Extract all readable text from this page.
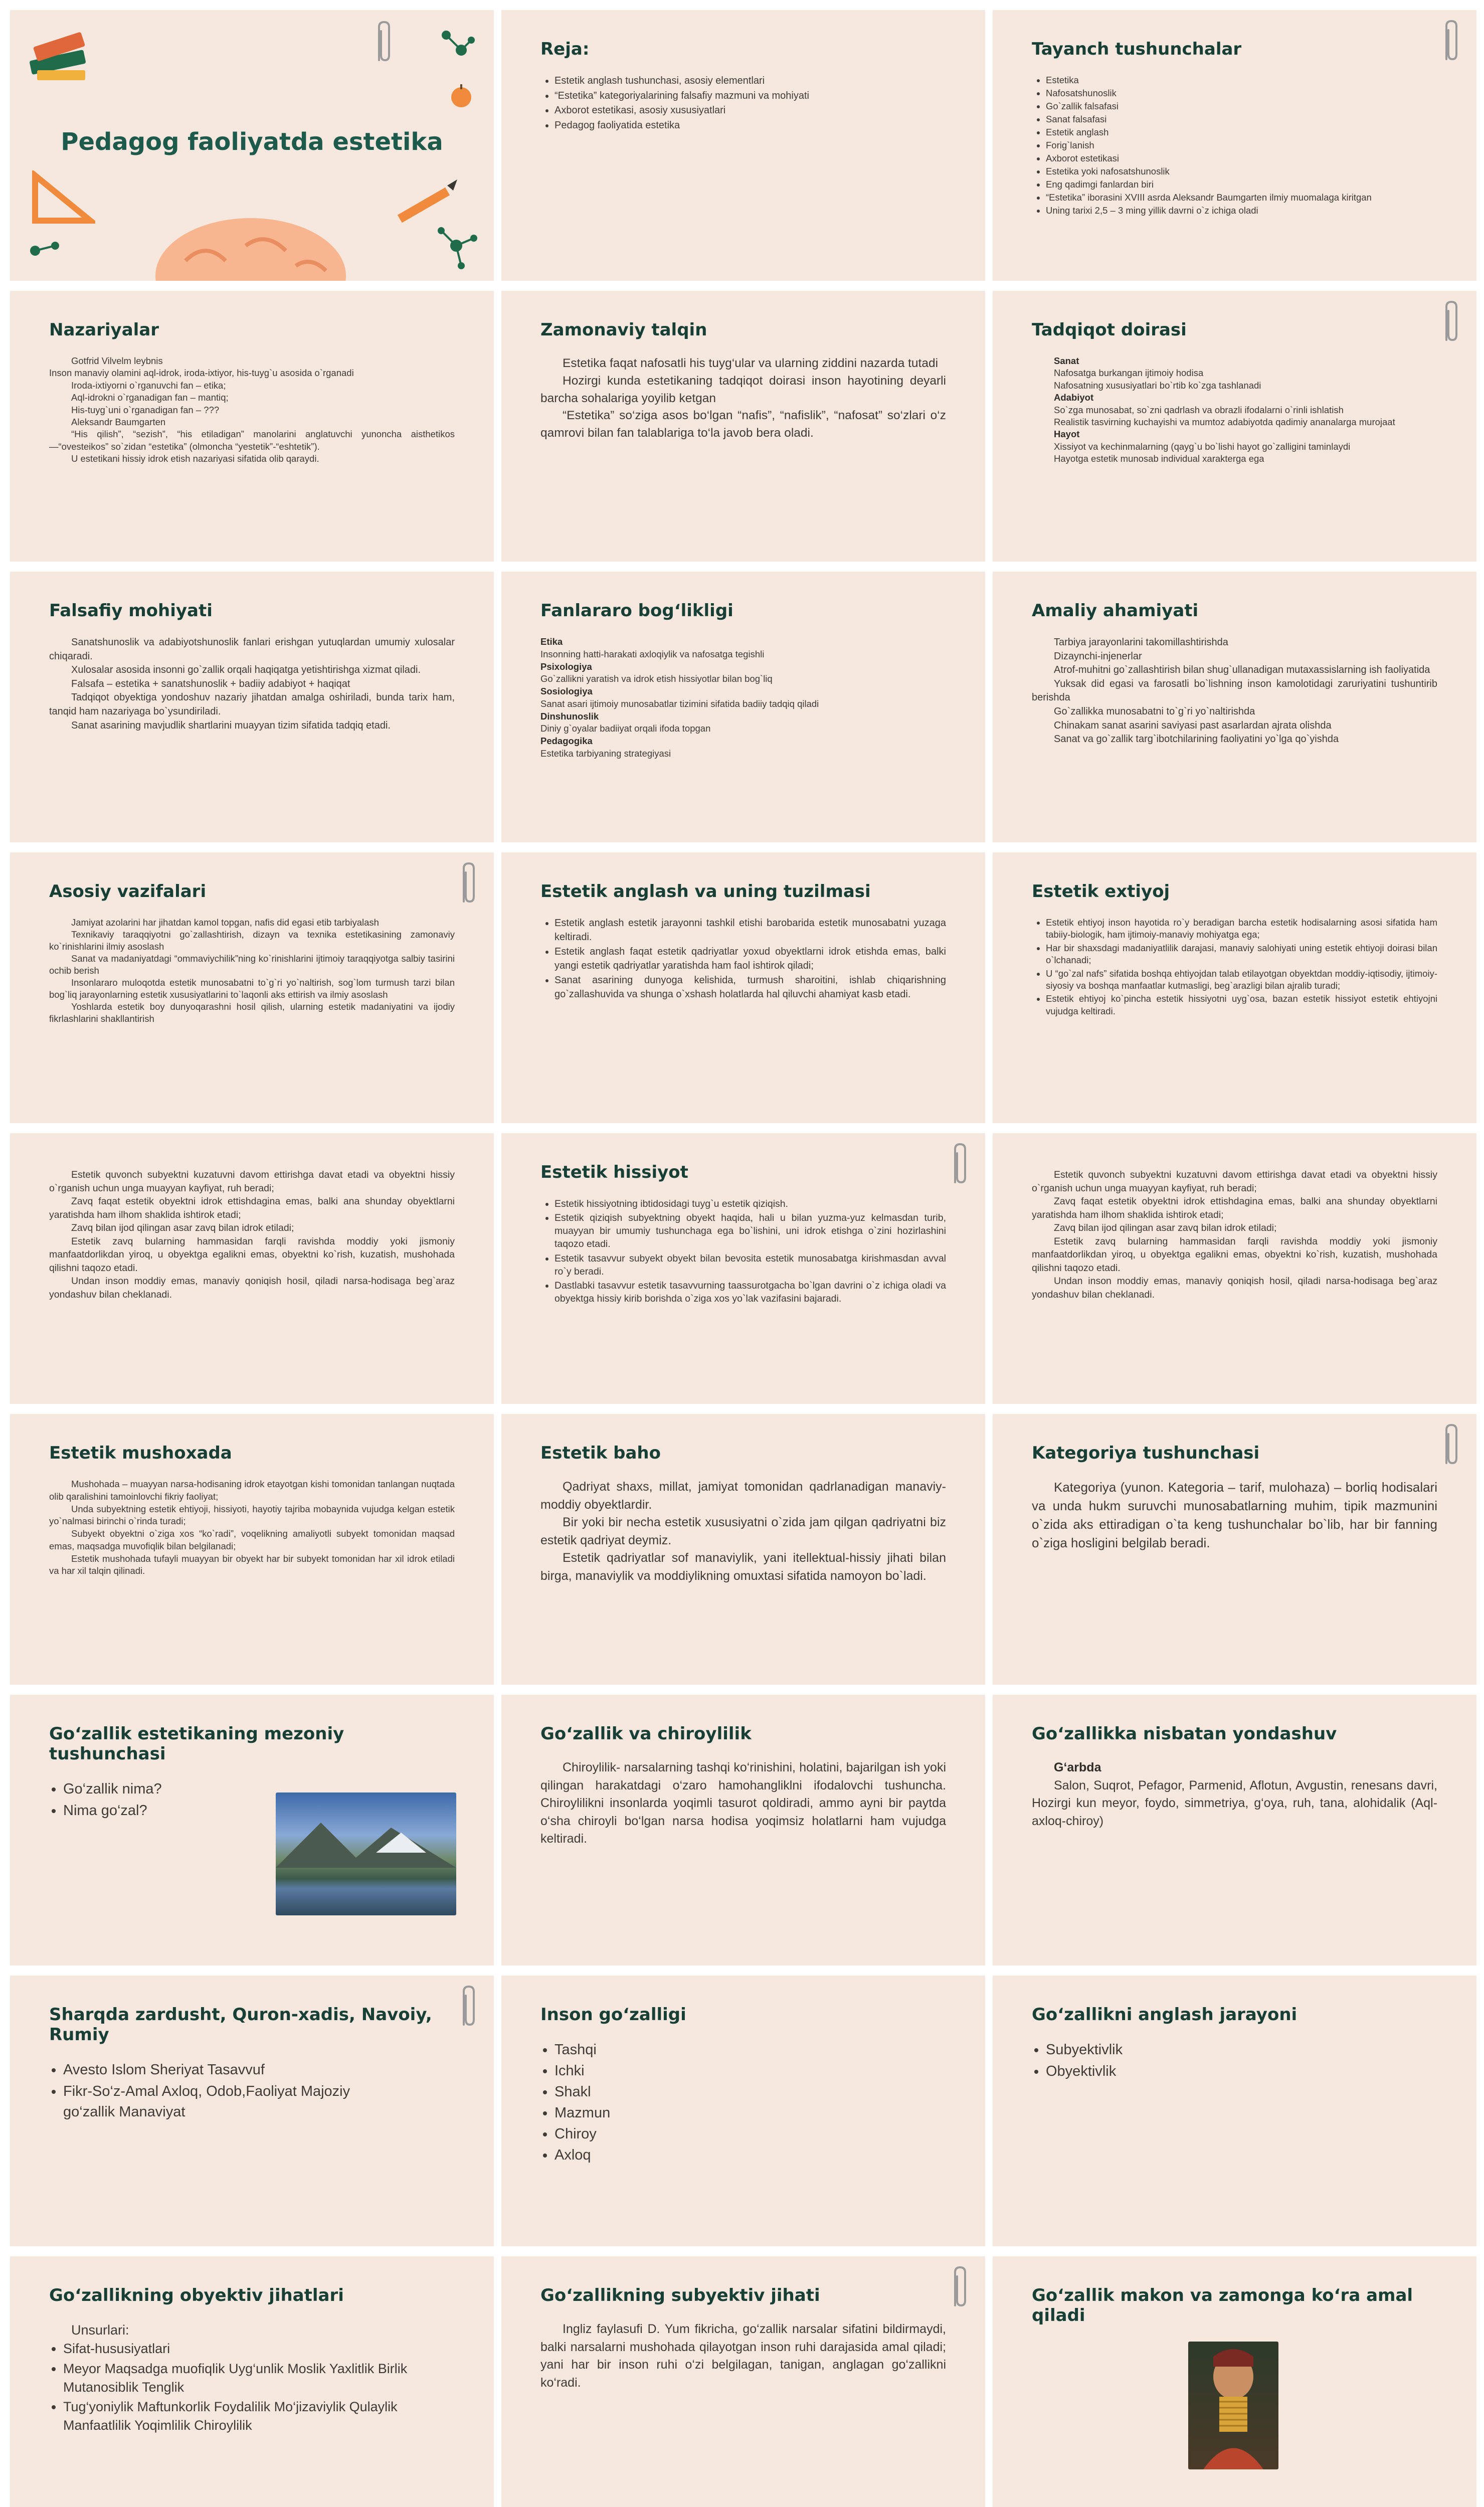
Pedagog faoliyatda estetika
Reja:
• Estetik anglash tushunchasi, asosiy elementlari
• “Estetika” kategoriyalarining falsafiy mazmuni va mohiyati
• Axborot estetikasi, asosiy xususiyatlari
• Pedagog faoliyatida estetika
Tayanch tushunchalar
• Estetika
• Nafosatshunoslik
• Go`zallik falsafasi
• Sanat falsafasi
• Estetik anglash
• Forig`lanish
• Axborot estetikasi
• Estetika yoki nafosatshunoslik
• Eng qadimgi fanlardan biri
• “Estetika” iborasini XVIII asrda Aleksandr Baumgarten ilmiy muomalaga kiritgan
• Uning tarixi 2,5 – 3 ming yillik davrni o`z ichiga oladi
Nazariyalar

Gotfrid Vilvelm leybnis

Inson manaviy olamini aql-idrok, iroda-ixtiyor, his-tuyg`u asosida o`rganadi

Iroda-ixtiyorni o`rganuvchi fan – etika;

Aql-idrokni o`rganadigan fan – mantiq;

His-tuyg`uni o`rganadigan fan – ???

Aleksandr Baumgarten

“His qilish”, “sezish”, “his etiladigan” manolarini anglatuvchi yunoncha aisthetikos—“ovesteikos” so`zidan “estetika” (olmoncha “yestetik”-“eshtetik”).

U estetikani hissiy idrok etish nazariyasi sifatida olib qaraydi.

Zamonaviy talqin

Estetika faqat nafosatli his tuyg‘ular va ularning ziddini nazarda tutadi

Hozirgi kunda estetikaning tadqiqot doirasi inson hayotining deyarli barcha sohalariga yoyilib ketgan

“Estetika” so‘ziga asos bo‘lgan “nafis”, “nafislik”, “nafosat” so‘zlari o‘z qamrovi bilan fan talablariga to‘la javob bera oladi.

Tadqiqot doirasi

Sanat

Nafosatga burkangan ijtimoiy hodisa

Nafosatning xususiyatlari bo`rtib ko`zga tashlanadi

Adabiyot

So`zga munosabat, so`zni qadrlash va obrazli ifodalarni o`rinli ishlatish

Realistik tasvirning kuchayishi va mumtoz adabiyotda qadimiy ananalarga murojaat

Hayot

Xissiyot va kechinmalarning (qayg`u bo`lishi hayot go`zalligini taminlaydi

Hayotga estetik munosab individual xarakterga ega

Falsafiy mohiyati

Sanatshunoslik va adabiyotshunoslik fanlari erishgan yutuqlardan umumiy xulosalar chiqaradi.

Xulosalar asosida insonni go`zallik orqali haqiqatga yetishtirishga xizmat qiladi.

Falsafa – estetika + sanatshunoslik + badiiy adabiyot + haqiqat

Tadqiqot obyektiga yondoshuv nazariy jihatdan amalga oshiriladi, bunda tarix ham, tanqid ham nazariyaga bo`ysundiriladi.

Sanat asarining mavjudlik shartlarini muayyan tizim sifatida tadqiq etadi.

Fanlararo bog‘likligi

Etika

Insonning hatti-harakati axloqiylik va nafosatga tegishli

Psixologiya

Go`zallikni yaratish va idrok etish hissiyotlar bilan bog`liq

Sosiologiya

Sanat asari ijtimoiy munosabatlar tizimini sifatida badiiy tadqiq qiladi

Dinshunoslik

Diniy g`oyalar badiiyat orqali ifoda topgan

Pedagogika

Estetika tarbiyaning strategiyasi

Amaliy ahamiyati

Tarbiya jarayonlarini takomillashtirishda

Dizaynchi-injenerlar

Atrof-muhitni go`zallashtirish bilan shug`ullanadigan mutaxassislarning ish faoliyatida

Yuksak did egasi va farosatli bo`lishning inson kamolotidagi zaruriyatini tushuntirib berishda

Go`zallikka munosabatni to`g`ri yo`naltirishda

Chinakam sanat asarini saviyasi past asarlardan ajrata olishda

Sanat va go`zallik targ`ibotchilarining faoliyatini yo`lga qo`yishda

Asosiy vazifalari

Jamiyat azolarini har jihatdan kamol topgan, nafis did egasi etib tarbiyalash

Texnikaviy taraqqiyotni go`zallashtirish, dizayn va texnika estetikasining zamonaviy ko`rinishlarini ilmiy asoslash

Sanat va madaniyatdagi “ommaviychilik”ning ko`rinishlarini ijtimoiy taraqqiyotga salbiy tasirini ochib berish

Insonlararo muloqotda estetik munosabatni to`g`ri yo`naltirish, sog`lom turmush tarzi bilan bog`liq jarayonlarning estetik xususiyatlarini to`laqonli aks ettirish va ilmiy asoslash

Yoshlarda estetik boy dunyoqarashni hosil qilish, ularning estetik madaniyatini va ijodiy fikrlashlarini shakllantirish

Estetik anglash va uning tuzilmasi
• Estetik anglash estetik jarayonni tashkil etishi barobarida estetik munosabatni yuzaga keltiradi.
• Estetik anglash faqat estetik qadriyatlar yoxud obyektlarni idrok etishda emas, balki yangi estetik qadriyatlar yaratishda ham faol ishtirok qiladi;
• Sanat asarining dunyoga kelishida, turmush sharoitini, ishlab chiqarishning go`zallashuvida va shunga o`xshash holatlarda hal qiluvchi ahamiyat kasb etadi.
Estetik extiyoj
• Estetik ehtiyoj inson hayotida ro`y beradigan barcha estetik hodisalarning asosi sifatida ham tabiiy-biologik, ham ijtimoiy-manaviy mohiyatga ega;
• Har bir shaxsdagi madaniyatlilik darajasi, manaviy salohiyati uning estetik ehtiyoji doirasi bilan o`lchanadi;
• U “go`zal nafs” sifatida boshqa ehtiyojdan talab etilayotgan obyektdan moddiy-iqtisodiy, ijtimoiy-siyosiy va boshqa manfaatlar kutmasligi, beg`arazligi bilan ajralib turadi;
• Estetik ehtiyoj ko`pincha estetik hissiyotni uyg`osa, bazan estetik hissiyot estetik ehtiyojni vujudga keltiradi.

Estetik quvonch subyektni kuzatuvni davom ettirishga davat etadi va obyektni hissiy o`rganish uchun unga muayyan kayfiyat, ruh beradi;

Zavq faqat estetik obyektni idrok ettishdagina emas, balki ana shunday obyektlarni yaratishda ham ilhom shaklida ishtirok etadi;

Zavq bilan ijod qilingan asar zavq bilan idrok etiladi;

Estetik zavq bularning hammasidan farqli ravishda moddiy yoki jismoniy manfaatdorlikdan yiroq, u obyektga egalikni emas, obyektni ko`rish, kuzatish, mushohada qilishni taqozo etadi.

Undan inson moddiy emas, manaviy qoniqish hosil, qiladi narsa-hodisaga beg`araz yondashuv bilan cheklanadi.

Estetik hissiyot
• Estetik hissiyotning ibtidosidagi tuyg`u estetik qiziqish.
• Estetik qiziqish subyektning obyekt haqida, hali u bilan yuzma-yuz kelmasdan turib, muayyan bir umumiy tushunchaga ega bo`lishini, uni idrok etishga o`zini hozirlashini taqozo etadi.
• Estetik tasavvur subyekt obyekt bilan bevosita estetik munosabatga kirishmasdan avval ro`y beradi.
• Dastlabki tasavvur estetik tasavvurning taassurotgacha bo`lgan davrini o`z ichiga oladi va obyektga hissiy kirib borishda o`ziga xos yo`lak vazifasini bajaradi.

Estetik quvonch subyektni kuzatuvni davom ettirishga davat etadi va obyektni hissiy o`rganish uchun unga muayyan kayfiyat, ruh beradi;

Zavq faqat estetik obyektni idrok ettishdagina emas, balki ana shunday obyektlarni yaratishda ham ilhom shaklida ishtirok etadi;

Zavq bilan ijod qilingan asar zavq bilan idrok etiladi;

Estetik zavq bularning hammasidan farqli ravishda moddiy yoki jismoniy manfaatdorlikdan yiroq, u obyektga egalikni emas, obyektni ko`rish, kuzatish, mushohada qilishni taqozo etadi.

Undan inson moddiy emas, manaviy qoniqish hosil, qiladi narsa-hodisaga beg`araz yondashuv bilan cheklanadi.

Estetik mushoxada

Mushohada – muayyan narsa-hodisaning idrok etayotgan kishi tomonidan tanlangan nuqtada olib qaralishini tamoinlovchi fikriy faoliyat;

Unda subyektning estetik ehtiyoji, hissiyoti, hayotiy tajriba mobaynida vujudga kelgan estetik yo`nalmasi birinchi o`rinda turadi;

Subyekt obyektni o`ziga xos “ko`radi”, voqelikning amaliyotli subyekt tomonidan maqsad emas, maqsadga muvofiqlik bilan belgilanadi;

Estetik mushohada tufayli muayyan bir obyekt har bir subyekt tomonidan har xil idrok etiladi va har xil talqin qilinadi.

Estetik baho

Qadriyat shaxs, millat, jamiyat tomonidan qadrlanadigan manaviy-moddiy obyektlardir.

Bir yoki bir necha estetik xususiyatni o`zida jam qilgan qadriyatni biz estetik qadriyat deymiz.

Estetik qadriyatlar sof manaviylik, yani itellektual-hissiy jihati bilan birga, manaviylik va moddiylikning omuxtasi sifatida namoyon bo`ladi.

Kategoriya tushunchasi

Kategoriya (yunon. Kategoria – tarif, mulohaza) – borliq hodisalari va unda hukm suruvchi munosabatlarning muhim, tipik mazmunini o`zida aks ettiradigan o`ta keng tushunchalar bo`lib, har bir fanning o`ziga hosligini belgilab beradi.

Go‘zallik estetikaning mezoniy tushunchasi
• Go‘zallik nima?
• Nima go‘zal?
Go‘zallik va chiroylilik

Chiroylilik- narsalarning tashqi ko‘rinishini, holatini, bajarilgan ish yoki qilingan harakatdagi o‘zaro hamohangliklni ifodalovchi tushuncha. Chiroylilikni insonlarda yoqimli tasurot qoldiradi, ammo ayni bir paytda o‘sha chiroyli bo‘lgan narsa hodisa yoqimsiz holatlarni ham vujudga keltiradi.

Go‘zallikka nisbatan yondashuv

G‘arbda

Salon, Suqrot, Pefagor, Parmenid, Aflotun, Avgustin, renesans davri, Hozirgi kun meyor, foydo, simmetriya, g‘oya, ruh, tana, alohidalik (Aql-axloq-chiroy)

Sharqda zardusht, Quron-xadis, Navoiy, Rumiy
• Avesto Islom Sheriyat Tasavvuf
• Fikr-So‘z-Amal Axloq, Odob,Faoliyat Majoziy go‘zallik Manaviyat
Inson go‘zalligi
• Tashqi
• Ichki
• Shakl
• Mazmun
• Chiroy
• Axloq
Go‘zallikni anglash jarayoni
• Subyektivlik
• Obyektivlik
Go‘zallikning obyektiv jihatlari

Unsurlari:

• Sifat-hususiyatlari
• Meyor Maqsadga muofiqlik Uyg‘unlik Moslik Yaxlitlik Birlik Mutanosiblik Tenglik
• Tug‘yoniylik Maftunkorlik Foydalilik Mo‘jizaviylik Qulaylik Manfaatlilik Yoqimlilik Chiroylilik
Go‘zallikning subyektiv jihati

Ingliz faylasufi D. Yum fikricha, go‘zallik narsalar sifatini bildirmaydi, balki narsalarni mushohada qilayotgan inson ruhi darajasida amal qiladi; yani har bir inson ruhi o‘zi belgilagan, tanigan, anglagan go‘zallikni ko‘radi.

Go‘zallik makon va zamonga ko‘ra amal qiladi
